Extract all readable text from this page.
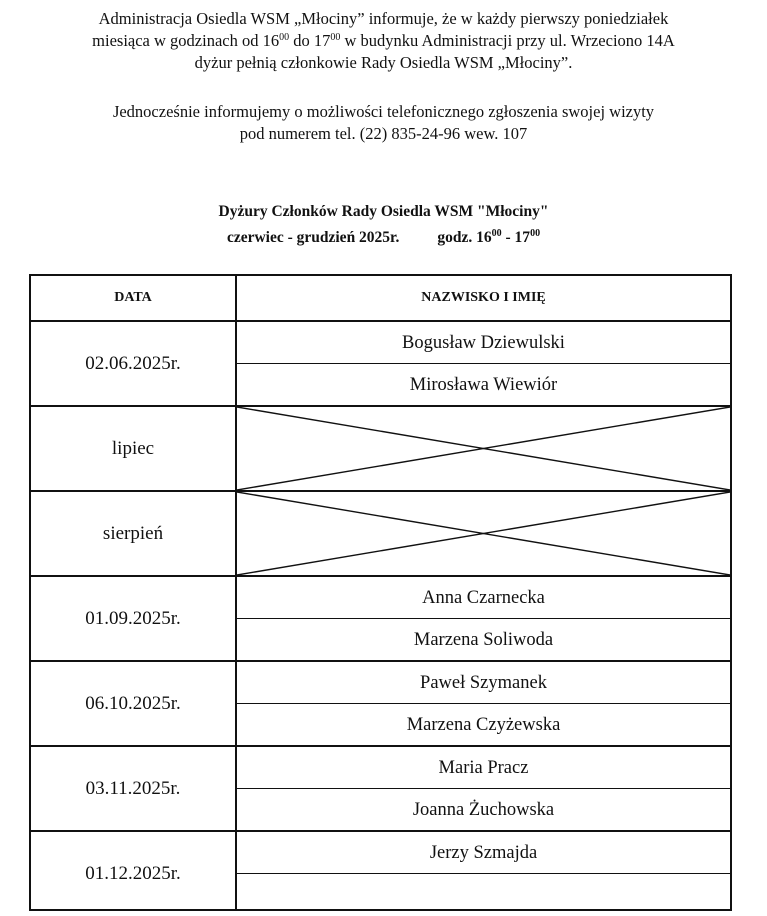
Administracja Osiedla WSM „Młociny” informuje, że w każdy pierwszy poniedziałek

miesiąca w godzinach od $16^{00}$ do $17^{00}$ w budynku Administracji przy ul. Wrzeciono 14A

dyżur pełnią członkowie Rady Osiedla WSM „Młociny”.

Jednocześnie informujemy o możliwości telefonicznego zgłoszenia swojej wizyty

pod numerem tel. (22) 835-24-96 wew. 107

Dyżury Członków Rady Osiedla WSM "Młociny"
czerwiec - grudzień 2025r. godz. $16^{00} - 17^{00}$
DATA	NAZWISKO I IMIĘ
02.06.2025r.
Bogusław Dziewulski
Mirosława Wiewiór
lipiec
sierpień
01.09.2025r.
Anna Czarnecka
Marzena Soliwoda
06.10.2025r.
Paweł Szymanek
Marzena Czyżewska
03.11.2025r.
Maria Pracz
Joanna Żuchowska
01.12.2025r.
Jerzy Szmajda
